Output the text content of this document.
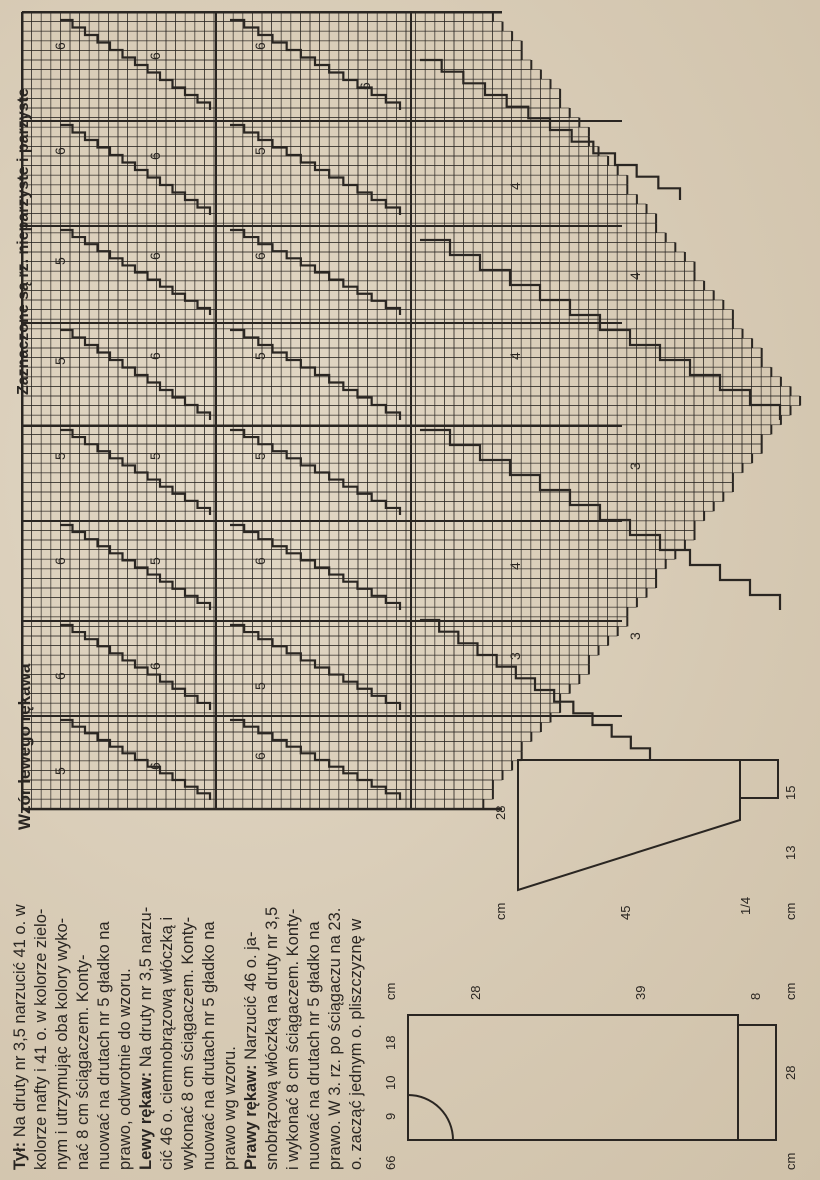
6
6
5
5
5
6
6
5
6
6
6
6
5
5
6
6
6
5
6
5
5
6
5
6
6
4
4
4
3
3
4
3
66
9
10
18
cm	28	39	8 cm
28
cm
cm
28
45
13
15
1/4 cm

Tył: Na druty nr 3,5 narzucić 41 o. w kolorze nafty i 41 o. w kolorze zielo- nym i utrzymując oba kolory wyko- nać 8 cm ściągaczem. Konty- nuować na drutach nr 5 gładko na prawo, odwrotnie do wzoru. Lewy rękaw: Na druty nr 3,5 narzu- cić 46 o. ciemnobrązową włóczką i wykonać 8 cm ściągaczem. Konty- nuować na drutach nr 5 gładko na prawo wg wzoru. Prawy rękaw: Narzucić 46 o. ja- snobrązową włóczką na druty nr 3,5 i wykonać 8 cm ściągaczem. Konty- nuować na drutach nr 5 gładko na prawo. W 3. rz. po ściągaczu na 23. o. zacząć jednym o. pliszczyznę w

Wzór lewego rękawa
Zaznaczone są rz. nieparzyste i parzyste
